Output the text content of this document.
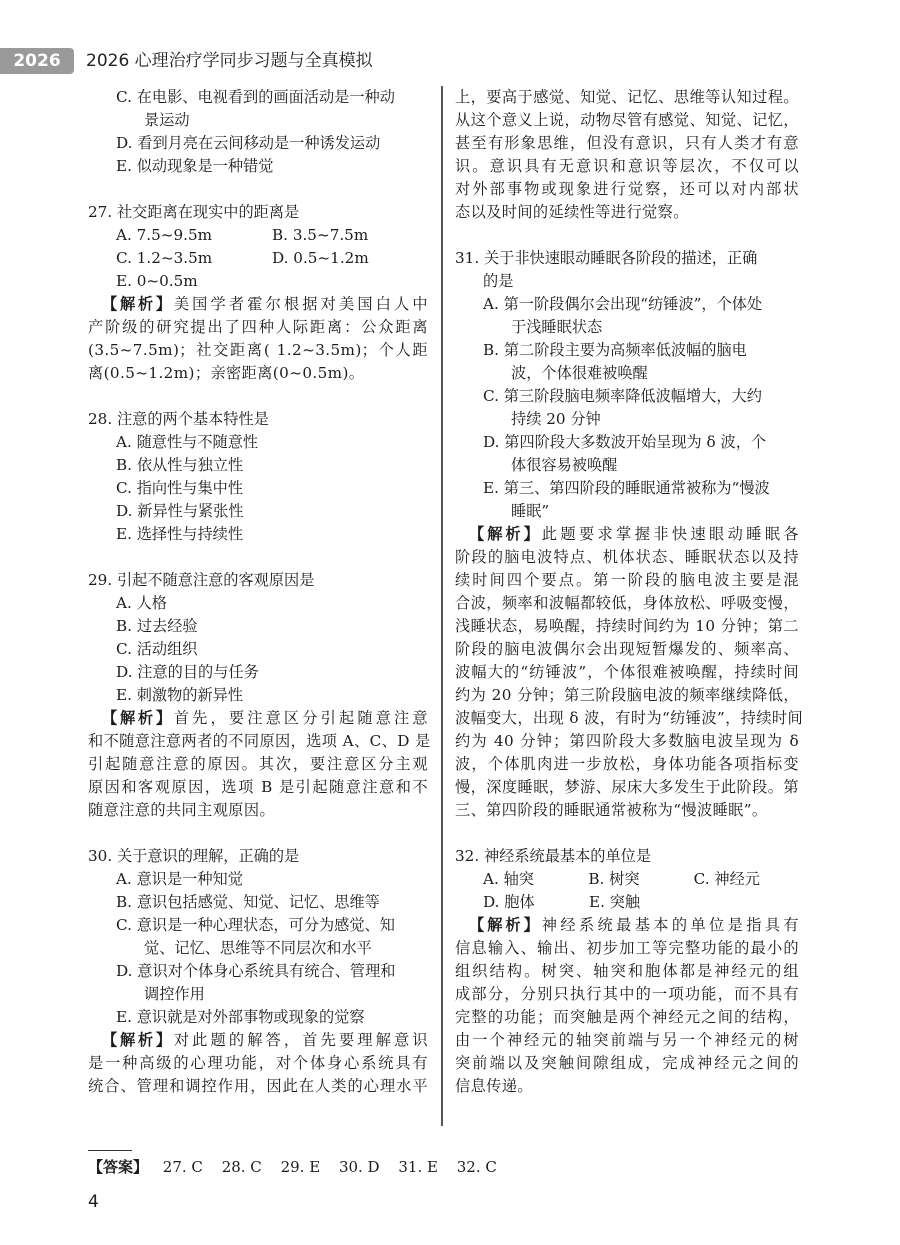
2026	2026 心理治疗学同步习题与全真模拟
C. 在电影、电视看到的画面活动是一种动
景运动
D. 看到月亮在云间移动是一种诱发运动
E. 似动现象是一种错觉
27. 社交距离在现实中的距离是
A. 7.5~9.5m	B. 3.5~7.5m
C. 1.2~3.5m	D. 0.5~1.2m
E. 0~0.5m
【解析】美国学者霍尔根据对美国白人中
产阶级的研究提出了四种人际距离：公众距离
(3.5~7.5m)；社交距离( 1.2~3.5m)；个人距
离(0.5~1.2m)；亲密距离(0~0.5m)。
28. 注意的两个基本特性是
A. 随意性与不随意性
B. 依从性与独立性
C. 指向性与集中性
D. 新异性与紧张性
E. 选择性与持续性
29. 引起不随意注意的客观原因是
A. 人格
B. 过去经验
C. 活动组织
D. 注意的目的与任务
E. 刺激物的新异性
【解析】首先，要注意区分引起随意注意
和不随意注意两者的不同原因，选项 A、C、D 是
引起随意注意的原因。其次，要注意区分主观
原因和客观原因，选项 B 是引起随意注意和不
随意注意的共同主观原因。
30. 关于意识的理解，正确的是
A. 意识是一种知觉
B. 意识包括感觉、知觉、记忆、思维等
C. 意识是一种心理状态，可分为感觉、知
觉、记忆、思维等不同层次和水平
D. 意识对个体身心系统具有统合、管理和
调控作用
E. 意识就是对外部事物或现象的觉察
【解析】对此题的解答，首先要理解意识
是一种高级的心理功能，对个体身心系统具有
统合、管理和调控作用，因此在人类的心理水平
上，要高于感觉、知觉、记忆、思维等认知过程。
从这个意义上说，动物尽管有感觉、知觉、记忆，
甚至有形象思维，但没有意识，只有人类才有意
识。意识具有无意识和意识等层次，不仅可以
对外部事物或现象进行觉察，还可以对内部状
态以及时间的延续性等进行觉察。
31. 关于非快速眼动睡眠各阶段的描述，正确
的是
A. 第一阶段偶尔会出现“纺锤波”，个体处
于浅睡眠状态
B. 第二阶段主要为高频率低波幅的脑电
波，个体很难被唤醒
C. 第三阶段脑电频率降低波幅增大，大约
持续 20 分钟
D. 第四阶段大多数波开始呈现为 δ 波，个
体很容易被唤醒
E. 第三、第四阶段的睡眠通常被称为“慢波
睡眠”
【解析】此题要求掌握非快速眼动睡眠各
阶段的脑电波特点、机体状态、睡眠状态以及持
续时间四个要点。第一阶段的脑电波主要是混
合波，频率和波幅都较低，身体放松、呼吸变慢，
浅睡状态，易唤醒，持续时间约为 10 分钟；第二
阶段的脑电波偶尔会出现短暂爆发的、频率高、
波幅大的“纺锤波”，个体很难被唤醒，持续时间
约为 20 分钟；第三阶段脑电波的频率继续降低，
波幅变大，出现 δ 波，有时为“纺锤波”，持续时间
约为 40 分钟；第四阶段大多数脑电波呈现为 δ
波，个体肌肉进一步放松，身体功能各项指标变
慢，深度睡眠，梦游、尿床大多发生于此阶段。第
三、第四阶段的睡眠通常被称为“慢波睡眠”。
32. 神经系统最基本的单位是
A. 轴突	B. 树突	C. 神经元
D. 胞体	E. 突触
【解析】神经系统最基本的单位是指具有
信息输入、输出、初步加工等完整功能的最小的
组织结构。树突、轴突和胞体都是神经元的组
成部分，分别只执行其中的一项功能，而不具有
完整的功能；而突触是两个神经元之间的结构，
由一个神经元的轴突前端与另一个神经元的树
突前端以及突触间隙组成，完成神经元之间的
信息传递。
【答案】 27. C 28. C 29. E 30. D 31. E 32. C
4
